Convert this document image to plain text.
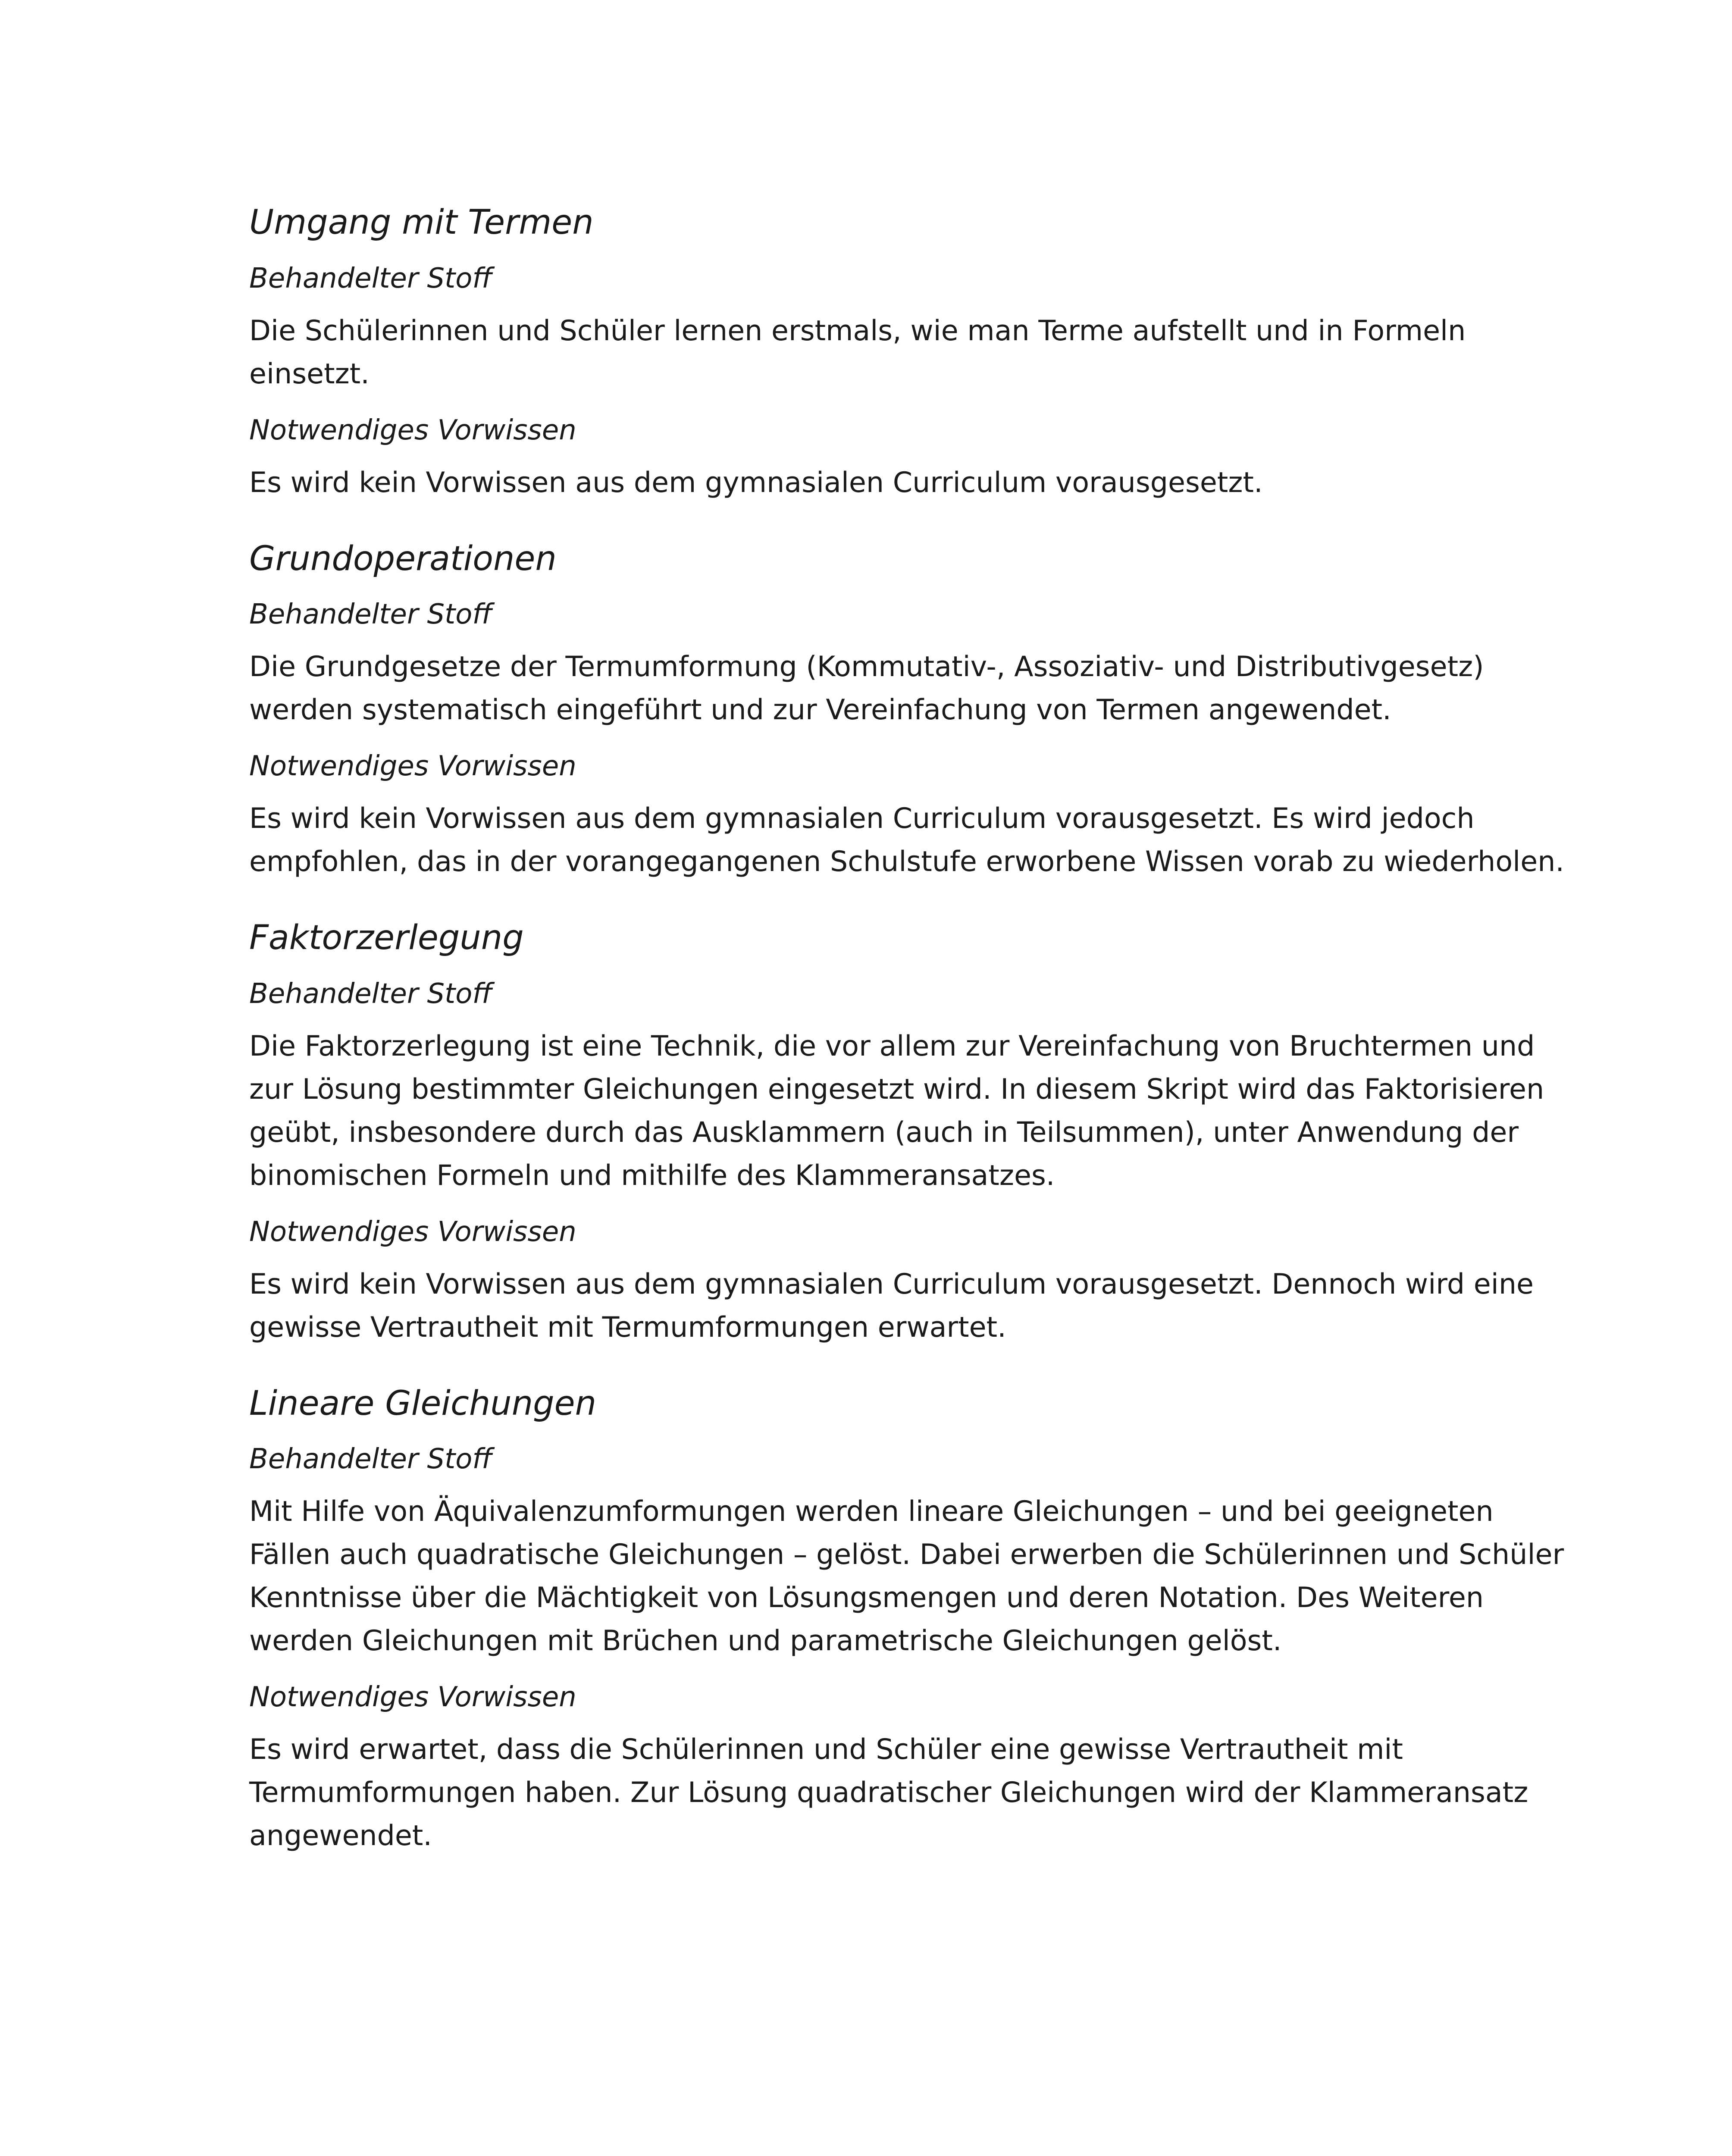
Umgang mit Termen
Behandelter Stoff

Die Schülerinnen und Schüler lernen erstmals, wie man Terme aufstellt und in Formeln einsetzt.

Notwendiges Vorwissen

Es wird kein Vorwissen aus dem gymnasialen Curriculum vorausgesetzt.

Grundoperationen
Behandelter Stoff

Die Grundgesetze der Termumformung (Kommutativ-, Assoziativ- und Distributivgesetz) werden systematisch eingeführt und zur Vereinfachung von Termen angewendet.

Notwendiges Vorwissen

Es wird kein Vorwissen aus dem gymnasialen Curriculum vorausgesetzt. Es wird jedoch empfohlen, das in der vorangegangenen Schulstufe erworbene Wissen vorab zu wiederholen.

Faktorzerlegung
Behandelter Stoff

Die Faktorzerlegung ist eine Technik, die vor allem zur Vereinfachung von Bruchtermen und zur Lösung bestimmter Gleichungen eingesetzt wird. In diesem Skript wird das Faktorisieren geübt, insbesondere durch das Ausklammern (auch in Teilsummen), unter Anwendung der binomischen Formeln und mithilfe des Klammeransatzes.

Notwendiges Vorwissen

Es wird kein Vorwissen aus dem gymnasialen Curriculum vorausgesetzt. Dennoch wird eine gewisse Vertrautheit mit Termumformungen erwartet.

Lineare Gleichungen
Behandelter Stoff

Mit Hilfe von Äquivalenzumformungen werden lineare Gleichungen – und bei geeigneten Fällen auch quadratische Gleichungen – gelöst. Dabei erwerben die Schülerinnen und Schüler Kenntnisse über die Mächtigkeit von Lösungsmengen und deren Notation. Des Weiteren werden Gleichungen mit Brüchen und parametrische Gleichungen gelöst.

Notwendiges Vorwissen

Es wird erwartet, dass die Schülerinnen und Schüler eine gewisse Vertrautheit mit Termumformungen haben. Zur Lösung quadratischer Gleichungen wird der Klammeransatz angewendet.
